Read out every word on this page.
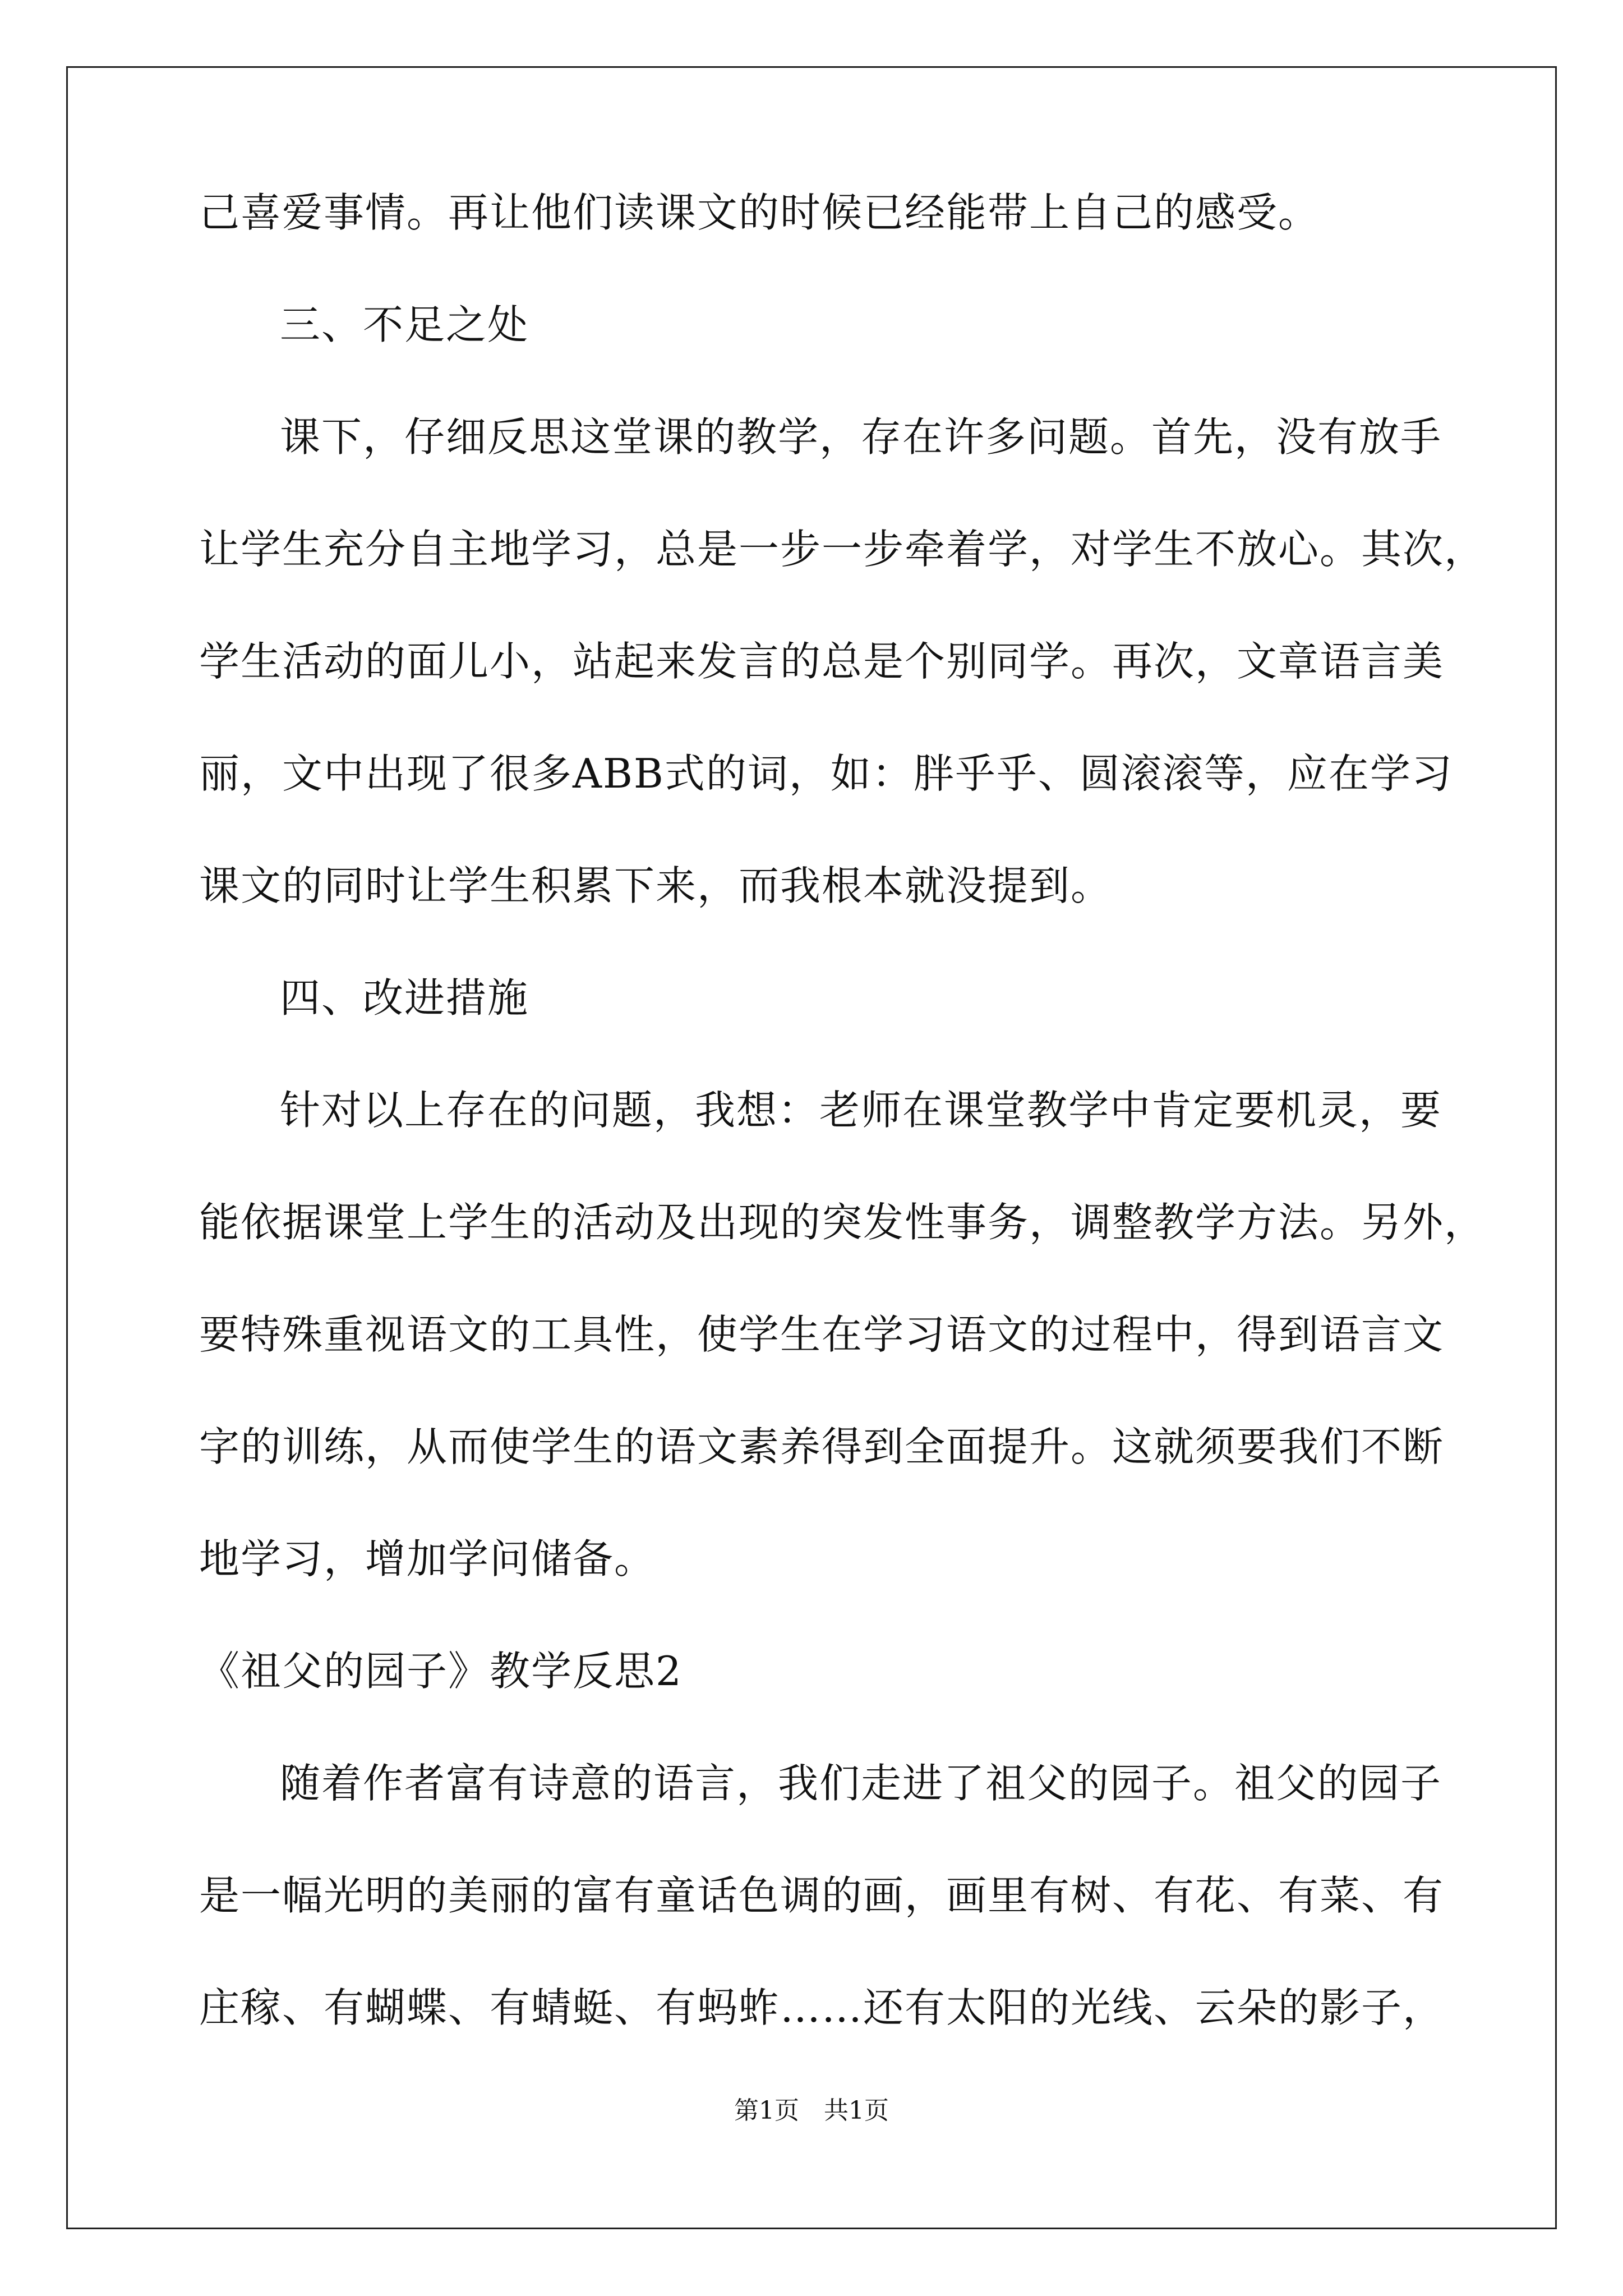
己喜爱事情。再让他们读课文的时候已经能带上自己的感受。

三、不足之处

课下，仔细反思这堂课的教学，存在许多问题。首先，没有放手

让学生充分自主地学习，总是一步一步牵着学，对学生不放心。其次，

学生活动的面儿小，站起来发言的总是个别同学。再次，文章语言美

丽，文中出现了很多ABB式的词，如：胖乎乎、圆滚滚等，应在学习

课文的同时让学生积累下来，而我根本就没提到。

四、改进措施

针对以上存在的问题，我想：老师在课堂教学中肯定要机灵，要

能依据课堂上学生的活动及出现的突发性事务，调整教学方法。另外，

要特殊重视语文的工具性，使学生在学习语文的过程中，得到语言文

字的训练，从而使学生的语文素养得到全面提升。这就须要我们不断

地学习，增加学问储备。

《祖父的园子》教学反思2

随着作者富有诗意的语言，我们走进了祖父的园子。祖父的园子

是一幅光明的美丽的富有童话色调的画，画里有树、有花、有菜、有

庄稼、有蝴蝶、有蜻蜓、有蚂蚱……还有太阳的光线、云朵的影子，

第1页　共1页
